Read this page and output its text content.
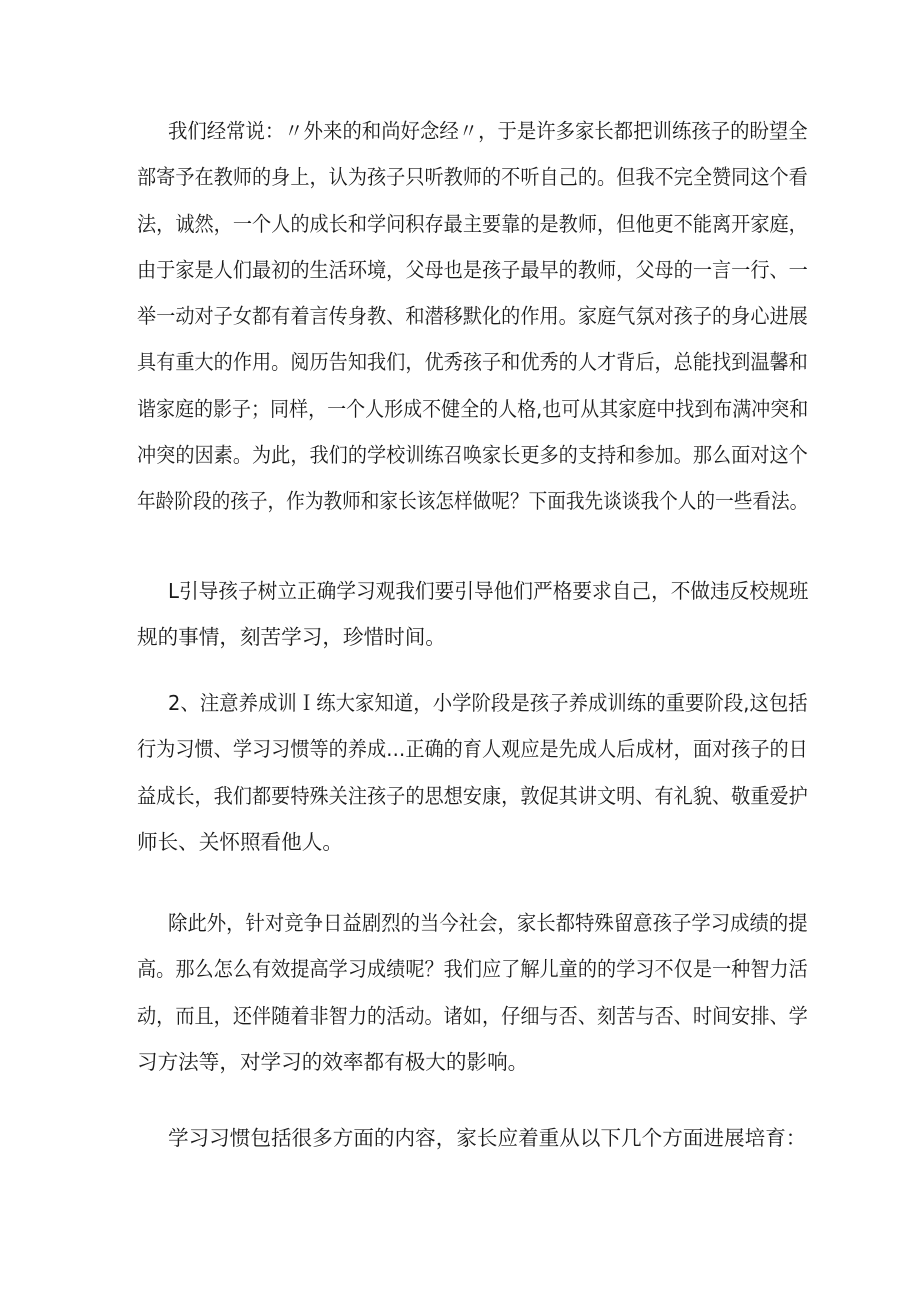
我们经常说：〃外来的和尚好念经〃，于是许多家长都把训练孩子的盼望全
部寄予在教师的身上，认为孩子只听教师的不听自己的。但我不完全赞同这个看
法，诚然，一个人的成长和学问积存最主要靠的是教师，但他更不能离开家庭，
由于家是人们最初的生活环境，父母也是孩子最早的教师，父母的一言一行、一
举一动对子女都有着言传身教、和潜移默化的作用。家庭气氛对孩子的身心进展
具有重大的作用。阅历告知我们，优秀孩子和优秀的人才背后，总能找到温馨和
谐家庭的影子；同样，一个人形成不健全的人格,也可从其家庭中找到布满冲突和
冲突的因素。为此，我们的学校训练召唤家长更多的支持和参加。那么面对这个
年龄阶段的孩子，作为教师和家长该怎样做呢？下面我先谈谈我个人的一些看法。

L引导孩子树立正确学习观我们要引导他们严格要求自己，不做违反校规班

规的事情，刻苦学习，珍惜时间。
2、注意养成训Ｉ练大家知道，小学阶段是孩子养成训练的重要阶段,这包括
行为习惯、学习习惯等的养成…正确的育人观应是先成人后成材，面对孩子的日
益成长，我们都要特殊关注孩子的思想安康，敦促其讲文明、有礼貌、敬重爱护

师长、关怀照看他人。
除此外，针对竞争日益剧烈的当今社会，家长都特殊留意孩子学习成绩的提
高。那么怎么有效提高学习成绩呢？我们应了解儿童的的学习不仅是一种智力活
动，而且，还伴随着非智力的活动。诸如，仔细与否、刻苦与否、时间安排、学

习方法等，对学习的效率都有极大的影响。
学习习惯包括很多方面的内容，家长应着重从以下几个方面进展培育：
